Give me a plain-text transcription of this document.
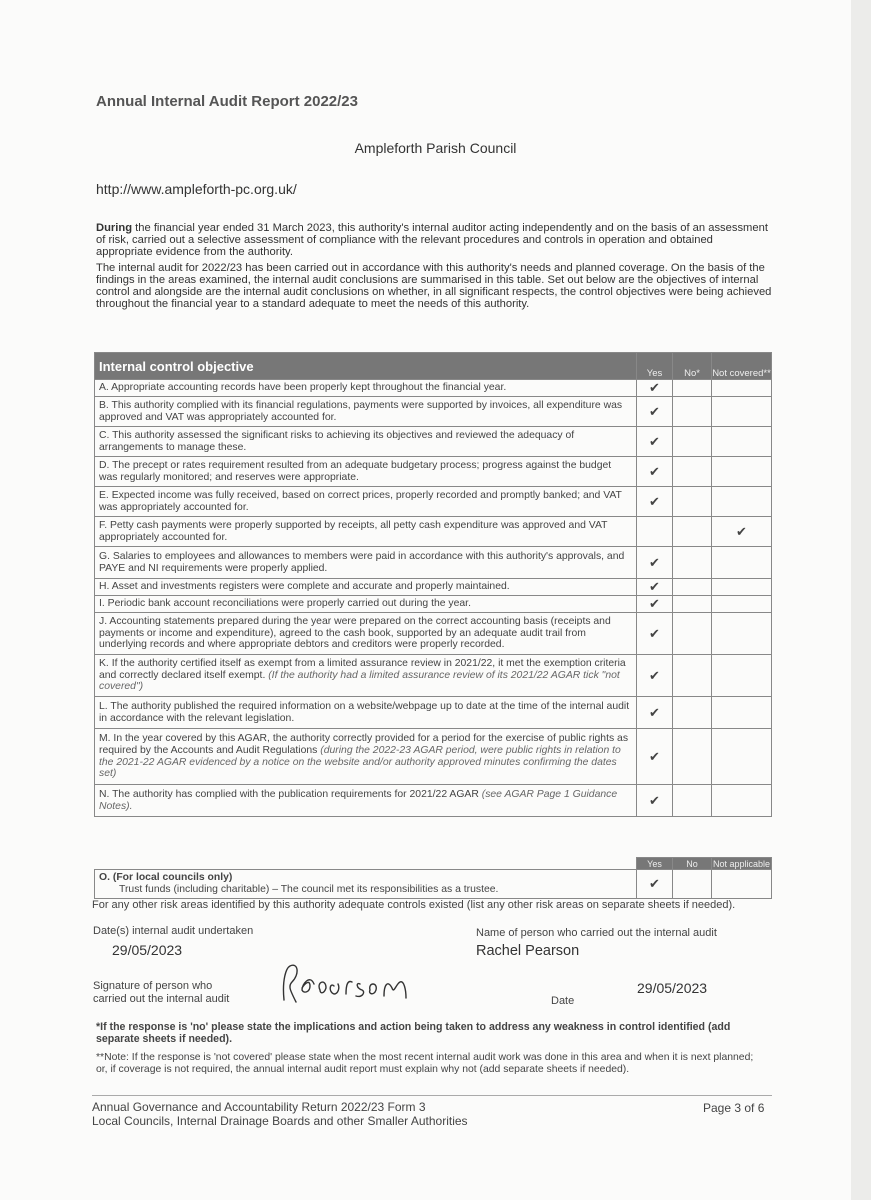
Annual Internal Audit Report 2022/23
Ampleforth Parish Council
http://www.ampleforth-pc.org.uk/

During the financial year ended 31 March 2023, this authority's internal auditor acting independently and on the basis of an assessment of risk, carried out a selective assessment of compliance with the relevant procedures and controls in operation and obtained appropriate evidence from the authority.

The internal audit for 2022/23 has been carried out in accordance with this authority's needs and planned coverage. On the basis of the findings in the areas examined, the internal audit conclusions are summarised in this table. Set out below are the objectives of internal control and alongside are the internal audit conclusions on whether, in all significant respects, the control objectives were being achieved throughout the financial year to a standard adequate to meet the needs of this authority.

Internal control objective	Yes	No*	Not covered**
A. Appropriate accounting records have been properly kept throughout the financial year.	✔		
B. This authority complied with its financial regulations, payments were supported by invoices, all expenditure was approved and VAT was appropriately accounted for.	✔		
C. This authority assessed the significant risks to achieving its objectives and reviewed the adequacy of arrangements to manage these.	✔		
D. The precept or rates requirement resulted from an adequate budgetary process; progress against the budget was regularly monitored; and reserves were appropriate.	✔		
E. Expected income was fully received, based on correct prices, properly recorded and promptly banked; and VAT was appropriately accounted for.	✔		
F. Petty cash payments were properly supported by receipts, all petty cash expenditure was approved and VAT appropriately accounted for.			✔
G. Salaries to employees and allowances to members were paid in accordance with this authority's approvals, and PAYE and NI requirements were properly applied.	✔		
H. Asset and investments registers were complete and accurate and properly maintained.	✔		
I. Periodic bank account reconciliations were properly carried out during the year.	✔		
J. Accounting statements prepared during the year were prepared on the correct accounting basis (receipts and payments or income and expenditure), agreed to the cash book, supported by an adequate audit trail from underlying records and where appropriate debtors and creditors were properly recorded.	✔		
K. If the authority certified itself as exempt from a limited assurance review in 2021/22, it met the exemption criteria and correctly declared itself exempt. (If the authority had a limited assurance review of its 2021/22 AGAR tick "not covered")	✔		
L. The authority published the required information on a website/webpage up to date at the time of the internal audit in accordance with the relevant legislation.	✔		
M. In the year covered by this AGAR, the authority correctly provided for a period for the exercise of public rights as required by the Accounts and Audit Regulations (during the 2022-23 AGAR period, were public rights in relation to the 2021-22 AGAR evidenced by a notice on the website and/or authority approved minutes confirming the dates set)	✔		
N. The authority has complied with the publication requirements for 2021/22 AGAR (see AGAR Page 1 Guidance Notes).	✔		
	Yes	No	Not applicable
O. (For local councils only)
Trust funds (including charitable) – The council met its responsibilities as a trustee.	✔		
For any other risk areas identified by this authority adequate controls existed (list any other risk areas on separate sheets if needed).
Date(s) internal audit undertaken
29/05/2023
Name of person who carried out the internal audit
Rachel Pearson
Signature of person who
carried out the internal audit	Date
29/05/2023
*If the response is 'no' please state the implications and action being taken to address any weakness in control identified (add separate sheets if needed).
**Note: If the response is 'not covered' please state when the most recent internal audit work was done in this area and when it is next planned; or, if coverage is not required, the annual internal audit report must explain why not (add separate sheets if needed).
Annual Governance and Accountability Return 2022/23 Form 3
Local Councils, Internal Drainage Boards and other Smaller Authorities
Page 3 of 6
